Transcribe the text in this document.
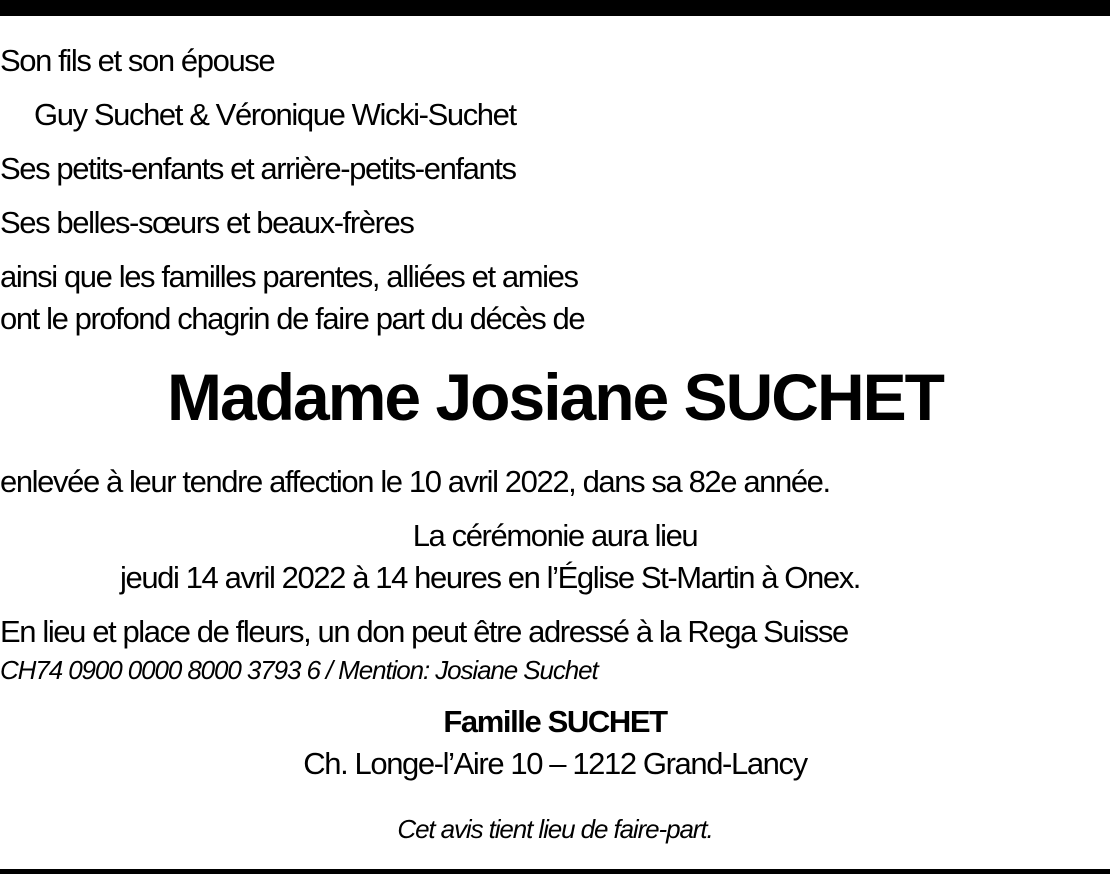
Son fils et son épouse
Guy Suchet & Véronique Wicki-Suchet
Ses petits-enfants et arrière-petits-enfants
Ses belles-sœurs et beaux-frères
ainsi que les familles parentes, alliées et amies
ont le profond chagrin de faire part du décès de
Madame Josiane SUCHET
enlevée à leur tendre affection le 10 avril 2022, dans sa 82e année.
La cérémonie aura lieu
jeudi 14 avril 2022 à 14 heures en l’Église St-Martin à Onex.
En lieu et place de fleurs, un don peut être adressé à la Rega Suisse
CH74 0900 0000 8000 3793 6 / Mention: Josiane Suchet
Famille SUCHET
Ch. Longe-l’Aire 10 – 1212 Grand-Lancy
Cet avis tient lieu de faire-part.
